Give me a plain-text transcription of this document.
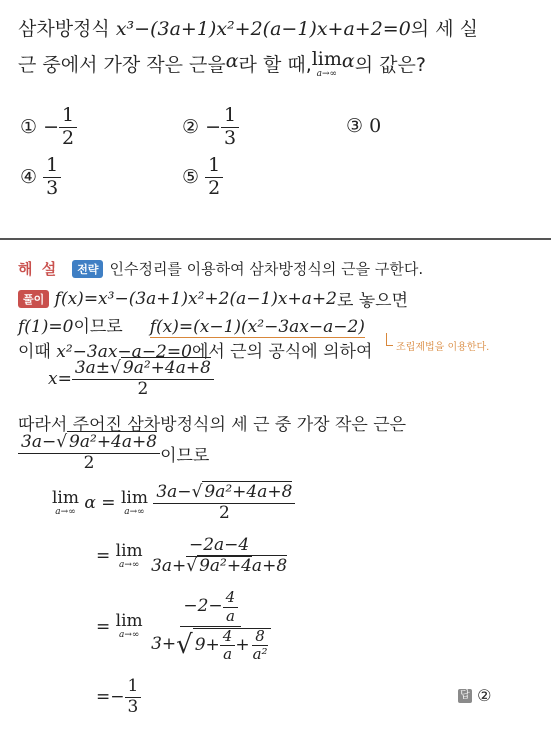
삼차방정식 x³−(3a+1)x²+2(a−1)x+a+2=0의 세 실
근 중에서 가장 작은 근을 α 라 할 때, lim
a→∞
α 의 값은?
①
− $\frac{1}{2}$	②
− $\frac{1}{3}$	③ 0
④
$\frac{1}{3}$	⑤
$\frac{1}{2}$
해 설	전략 인수정리를 이용하여 삼차방정식의 근을 구한다.
풀이
f(x)=x³−(3a+1)x²+2(a−1)x+a+2 로 놓으면
f(1)=0이므로 f(x)=(x−1)(x²−3ax−a−2)
이때 x²−3ax−a−2=0에서 근의 공식에 의하여 조립제법을 이용한다.
$x= \frac{\text{3a±√ 9a²+4a+8}}{2}$
따라서 주어진 삼차방정식의 세 근 중 가장 작은 근은
$\frac{\text{3a−√ 9a²+4a+8}}{2}$ 이므로
lim
a→∞
α = lim
a→∞
$\frac{\text{3a−√ 9a²+4a+8}}{2}$
= lim
a→∞
$\frac{-2a-4}{\text{3a+√ 9a²+4a+8}}$
= lim
a→∞
$\frac{-2- \frac{4}{a}}{3+ √ 9+ \frac{4}{a} + \frac{8}{\text{a²}}}$
=− $\frac{1}{3}$	답
②
